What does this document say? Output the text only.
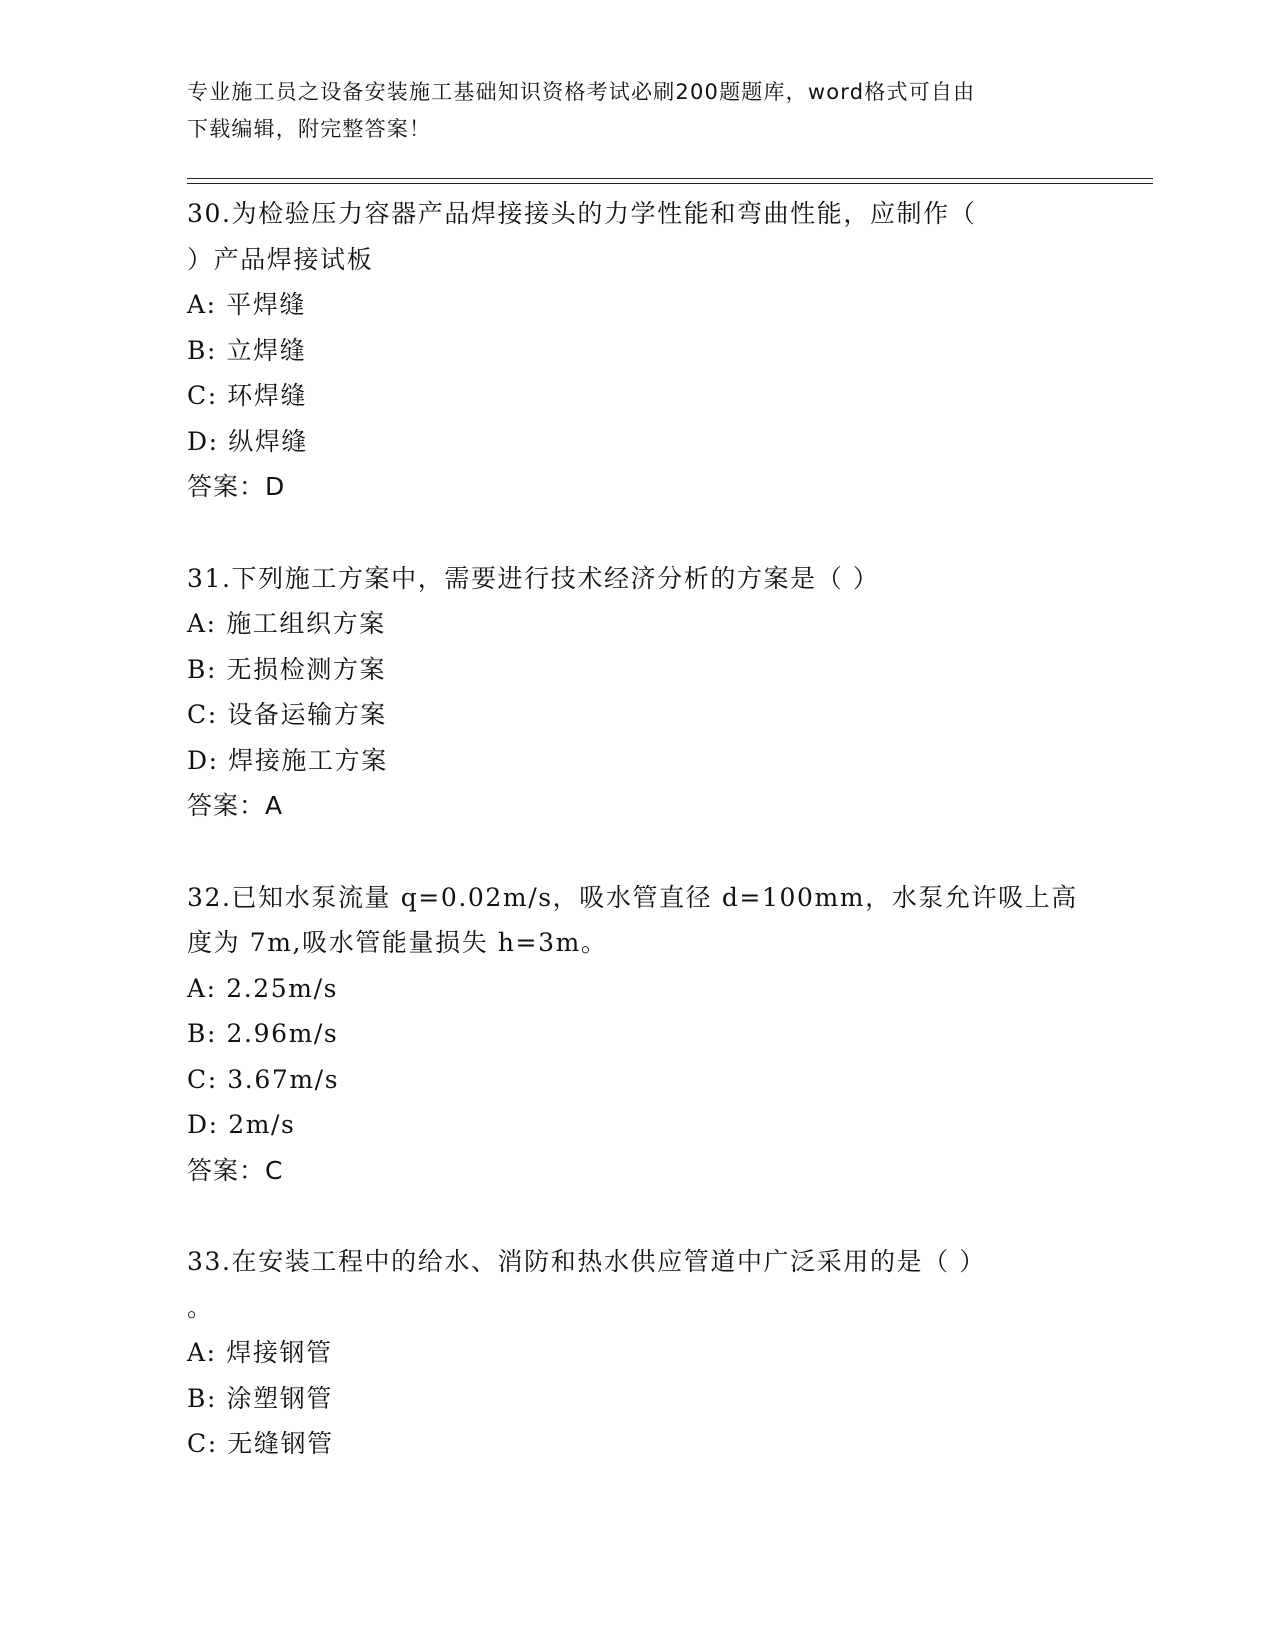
专业施工员之设备安装施工基础知识资格考试必刷200题题库，word格式可自由
下载编辑，附完整答案！
30.为检验压力容器产品焊接接头的力学性能和弯曲性能，应制作（
）产品焊接试板
A: 平焊缝
B: 立焊缝
C: 环焊缝
D: 纵焊缝
答案：D
31.下列施工方案中，需要进行技术经济分析的方案是（ ）
A: 施工组织方案
B: 无损检测方案
C: 设备运输方案
D: 焊接施工方案
答案：A
32.已知水泵流量 q=0.02m/s，吸水管直径 d=100mm，水泵允许吸上高
度为 7m,吸水管能量损失 h=3m。
A: 2.25m/s
B: 2.96m/s
C: 3.67m/s
D: 2m/s
答案：C
33.在安装工程中的给水、消防和热水供应管道中广泛采用的是（ ）
。
A: 焊接钢管
B: 涂塑钢管
C: 无缝钢管
